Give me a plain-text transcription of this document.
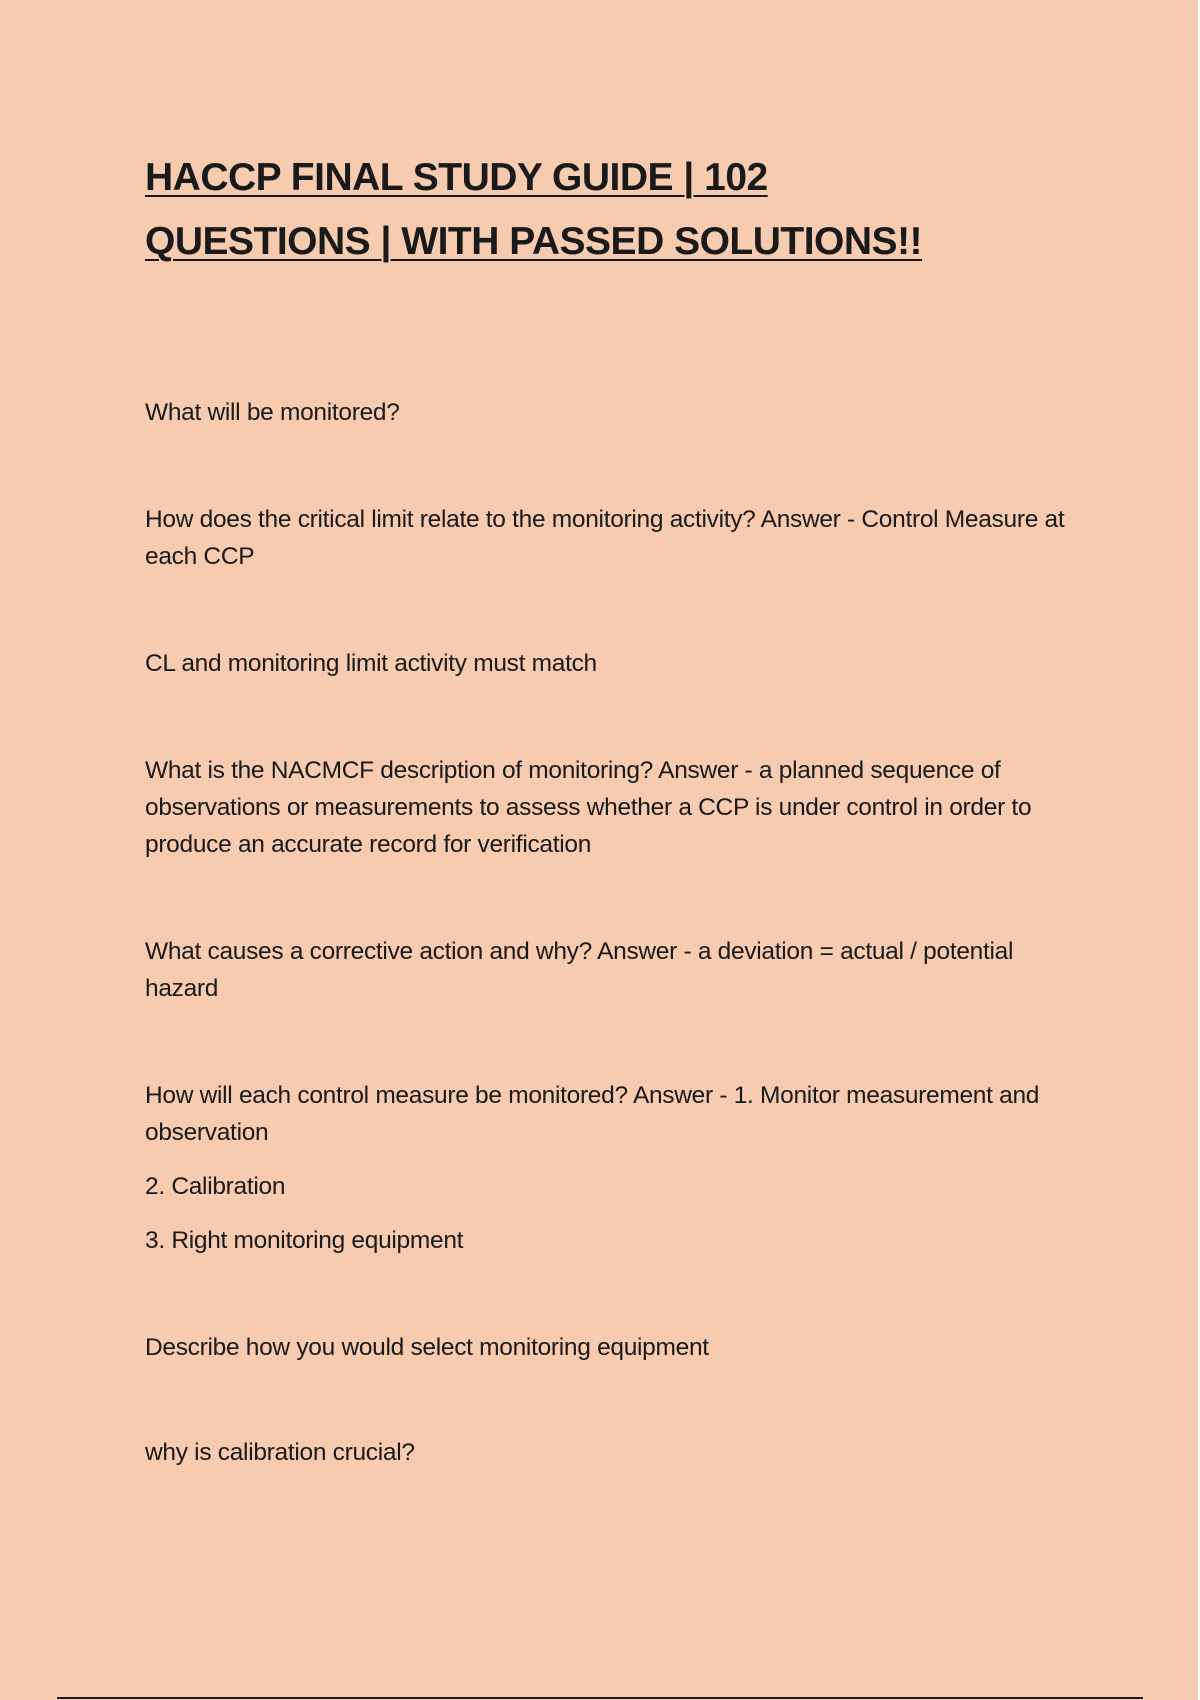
HACCP FINAL STUDY GUIDE | 102
QUESTIONS | WITH PASSED SOLUTIONS!!

What will be monitored?

How does the critical limit relate to the monitoring activity? Answer - Control Measure at each CCP

CL and monitoring limit activity must match

What is the NACMCF description of monitoring? Answer - a planned sequence of observations or measurements to assess whether a CCP is under control in order to produce an accurate record for verification

What causes a corrective action and why? Answer - a deviation = actual / potential hazard

How will each control measure be monitored? Answer - 1. Monitor measurement and observation

2. Calibration

3. Right monitoring equipment

Describe how you would select monitoring equipment

why is calibration crucial?
